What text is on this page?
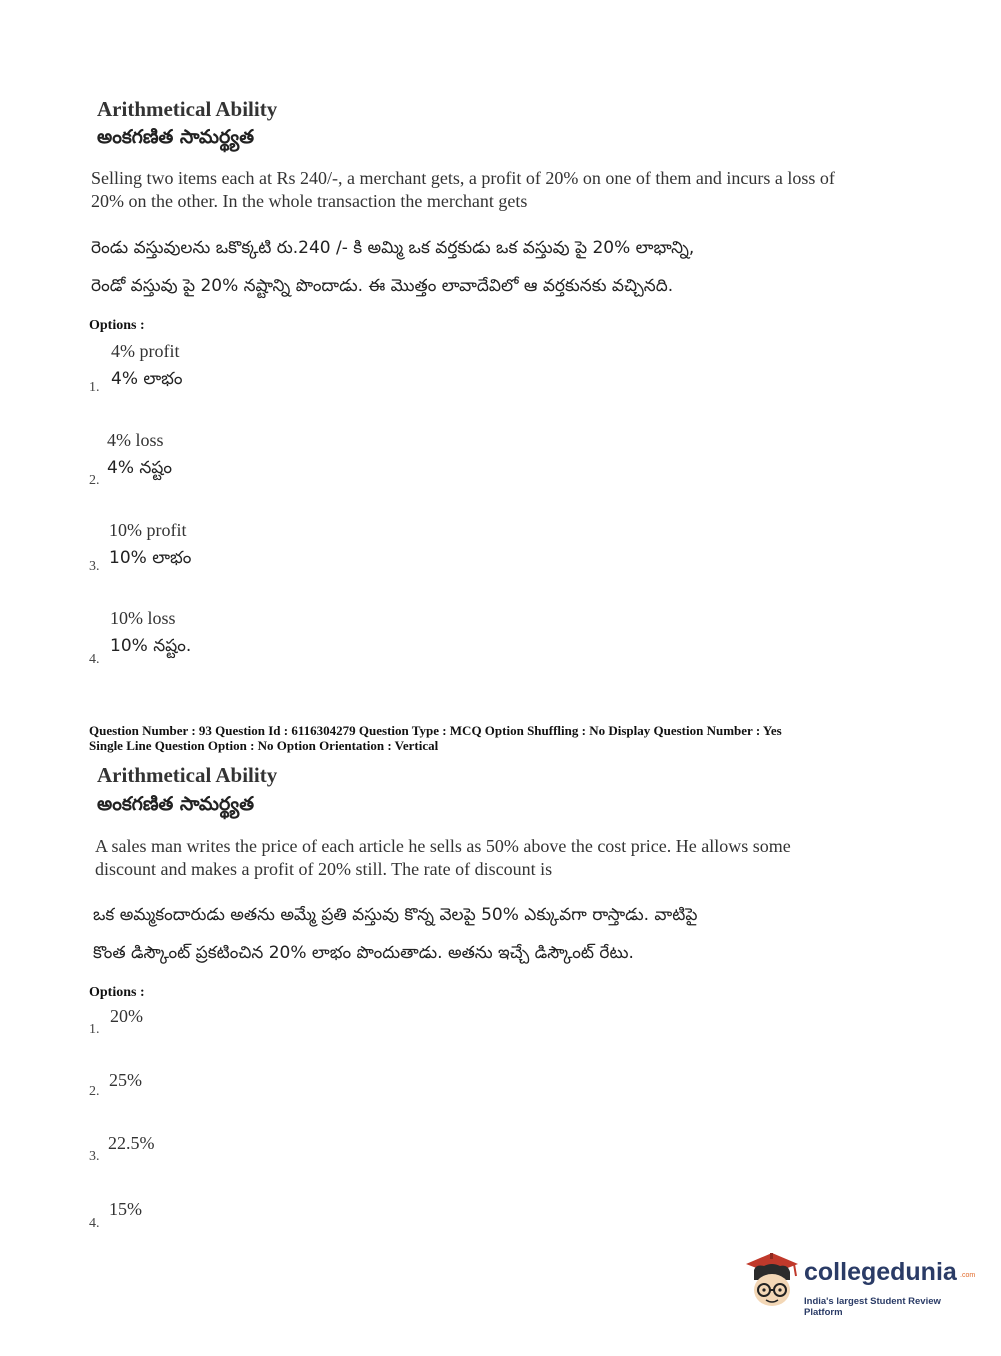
Arithmetical Ability
అంకగణిత సామర్థ్యత
Selling two items each at Rs 240/-, a merchant gets, a profit of 20% on one of them and incurs a loss of 20% on the other. In the whole transaction the merchant gets
రెండు వస్తువులను ఒకొక్కటి రు.240 /- కి అమ్మి ఒక వర్తకుడు ఒక వస్తువు పై 20% లాభాన్ని,
రెండో వస్తువు పై 20% నష్టాన్ని పొందాడు. ఈ మొత్తం లావాదేవిలో ఆ వర్తకునకు వచ్చినది.
Options :
4% profit
4% లాభం
1.
4% loss
4% నష్టం
2.
10% profit
10% లాభం
3.
10% loss
10% నష్టం.
4.
Question Number : 93 Question Id : 6116304279 Question Type : MCQ Option Shuffling : No Display Question Number : Yes
Single Line Question Option : No Option Orientation : Vertical
Arithmetical Ability
అంకగణిత సామర్థ్యత
A sales man writes the price of each article he sells as 50% above the cost price. He allows some discount and makes a profit of 20% still. The rate of discount is
ఒక అమ్మకందారుడు అతను అమ్మే ప్రతి వస్తువు కొన్న వెలపై 50% ఎక్కువగా రాస్తాడు. వాటిపై
కొంత డిస్కౌంట్ ప్రకటించిన 20% లాభం పొందుతాడు. అతను ఇచ్చే డిస్కౌంట్ రేటు.
Options :
20%
1.
25%
2.
22.5%
3.
15%
4.
collegedunia .com
India's largest Student Review Platform
